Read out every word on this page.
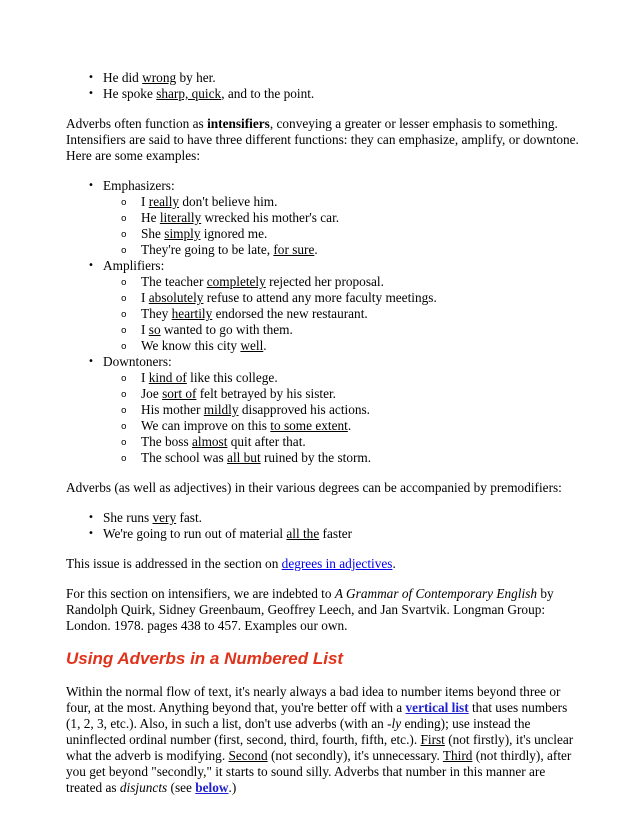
• He did wrong by her.
• He spoke sharp, quick, and to the point.

Adverbs often function as intensifiers, conveying a greater or lesser emphasis to something. Intensifiers are said to have three different functions: they can emphasize, amplify, or downtone. Here are some examples:

• Emphasizers:
o I really don't believe him.
o He literally wrecked his mother's car.
o She simply ignored me.
o They're going to be late, for sure.
• Amplifiers:
o The teacher completely rejected her proposal.
o I absolutely refuse to attend any more faculty meetings.
o They heartily endorsed the new restaurant.
o I so wanted to go with them.
o We know this city well.
• Downtoners:
o I kind of like this college.
o Joe sort of felt betrayed by his sister.
o His mother mildly disapproved his actions.
o We can improve on this to some extent.
o The boss almost quit after that.
o The school was all but ruined by the storm.

Adverbs (as well as adjectives) in their various degrees can be accompanied by premodifiers:

• She runs very fast.
• We're going to run out of material all the faster

This issue is addressed in the section on degrees in adjectives.

For this section on intensifiers, we are indebted to A Grammar of Contemporary English by Randolph Quirk, Sidney Greenbaum, Geoffrey Leech, and Jan Svartvik. Longman Group: London. 1978. pages 438 to 457. Examples our own.

Using Adverbs in a Numbered List

Within the normal flow of text, it's nearly always a bad idea to number items beyond three or four, at the most. Anything beyond that, you're better off with a vertical list that uses numbers (1, 2, 3, etc.). Also, in such a list, don't use adverbs (with an -ly ending); use instead the uninflected ordinal number (first, second, third, fourth, fifth, etc.). First (not firstly), it's unclear what the adverb is modifying. Second (not secondly), it's unnecessary. Third (not thirdly), after you get beyond "secondly," it starts to sound silly. Adverbs that number in this manner are treated as disjuncts (see below.)
